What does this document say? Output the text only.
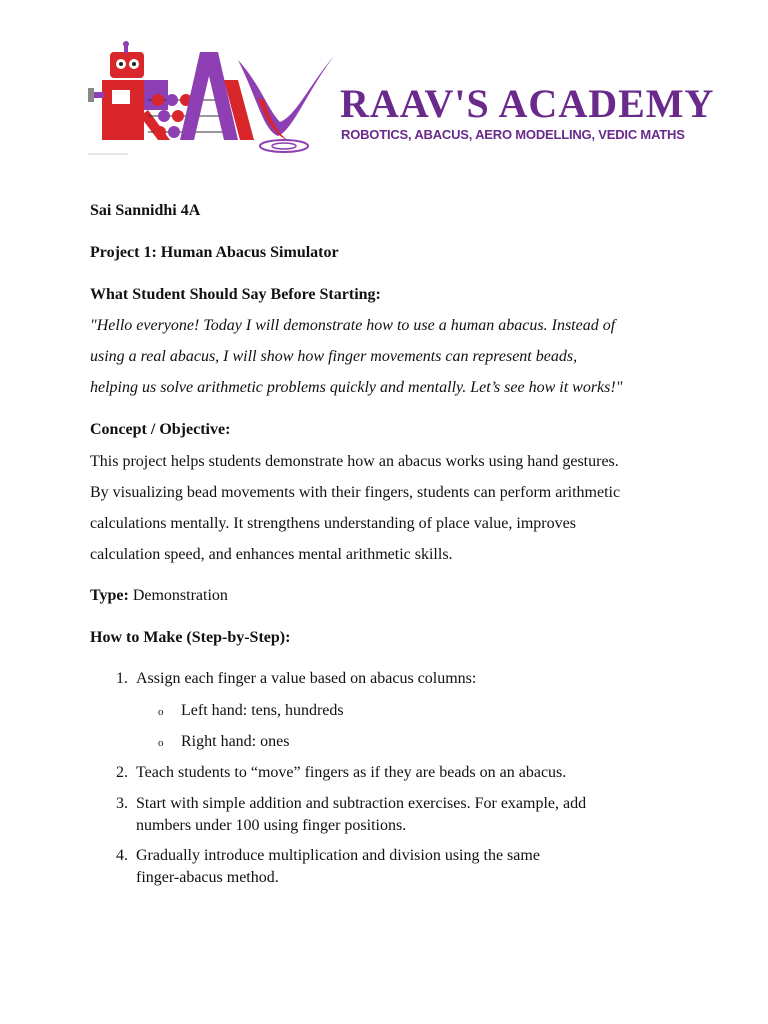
RAAV'S ACADEMY
ROBOTICS, ABACUS, AERO MODELLING, VEDIC MATHS
Sai Sannidhi 4A
Project 1: Human Abacus Simulator
What Student Should Say Before Starting:
"Hello everyone! Today I will demonstrate how to use a human abacus. Instead of
using a real abacus, I will show how finger movements can represent beads,
helping us solve arithmetic problems quickly and mentally. Let’s see how it works!"
Concept / Objective:
This project helps students demonstrate how an abacus works using hand gestures.
By visualizing bead movements with their fingers, students can perform arithmetic
calculations mentally. It strengthens understanding of place value, improves
calculation speed, and enhances mental arithmetic skills.
Type: Demonstration
How to Make (Step-by-Step):
1. Assign each finger a value based on abacus columns:
o Left hand: tens, hundreds
o Right hand: ones
2. Teach students to “move” fingers as if they are beads on an abacus.
3. Start with simple addition and subtraction exercises. For example, add
numbers under 100 using finger positions.
4. Gradually introduce multiplication and division using the same
finger-abacus method.
